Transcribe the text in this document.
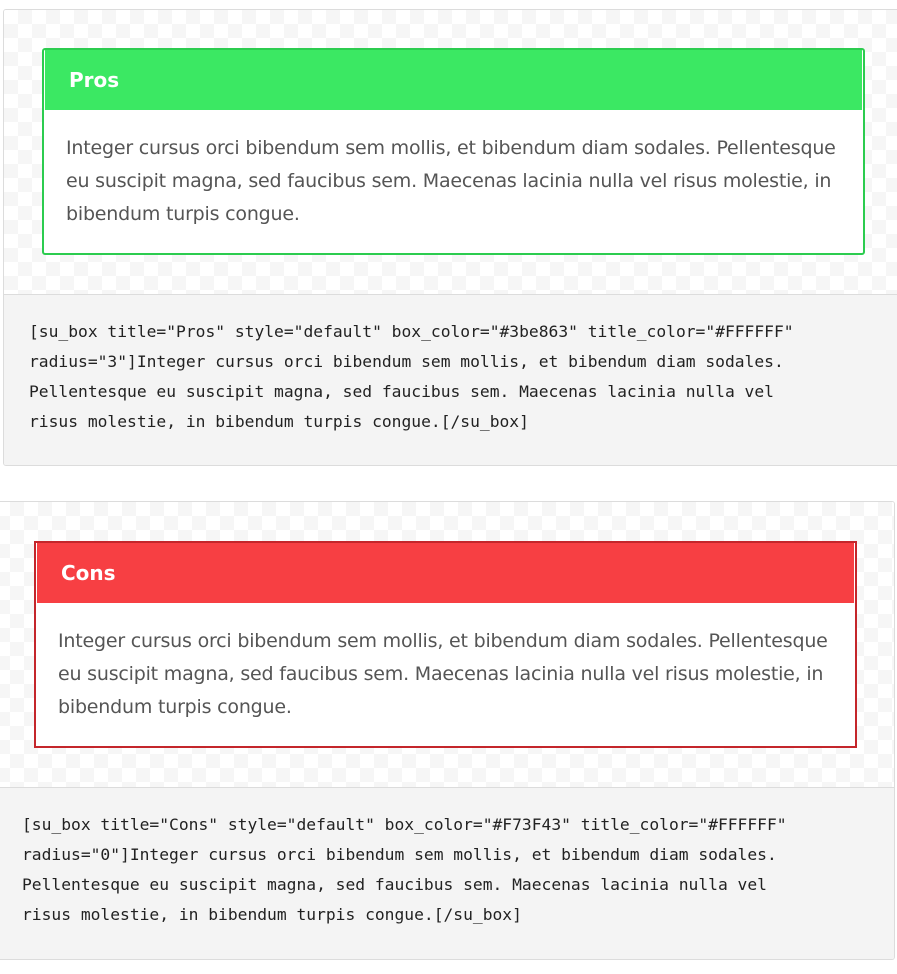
Pros
Integer cursus orci bibendum sem mollis, et bibendum diam sodales. Pellentesque eu suscipit magna, sed faucibus sem. Maecenas lacinia nulla vel risus molestie, in bibendum turpis congue.
[su_box title="Pros" style="default" box_color="#3be863" title_color="#FFFFFF"
radius="3"]Integer cursus orci bibendum sem mollis, et bibendum diam sodales.
Pellentesque eu suscipit magna, sed faucibus sem. Maecenas lacinia nulla vel
risus molestie, in bibendum turpis congue.[/su_box]
Cons
Integer cursus orci bibendum sem mollis, et bibendum diam sodales. Pellentesque eu suscipit magna, sed faucibus sem. Maecenas lacinia nulla vel risus molestie, in bibendum turpis congue.
[su_box title="Cons" style="default" box_color="#F73F43" title_color="#FFFFFF"
radius="0"]Integer cursus orci bibendum sem mollis, et bibendum diam sodales.
Pellentesque eu suscipit magna, sed faucibus sem. Maecenas lacinia nulla vel
risus molestie, in bibendum turpis congue.[/su_box]
